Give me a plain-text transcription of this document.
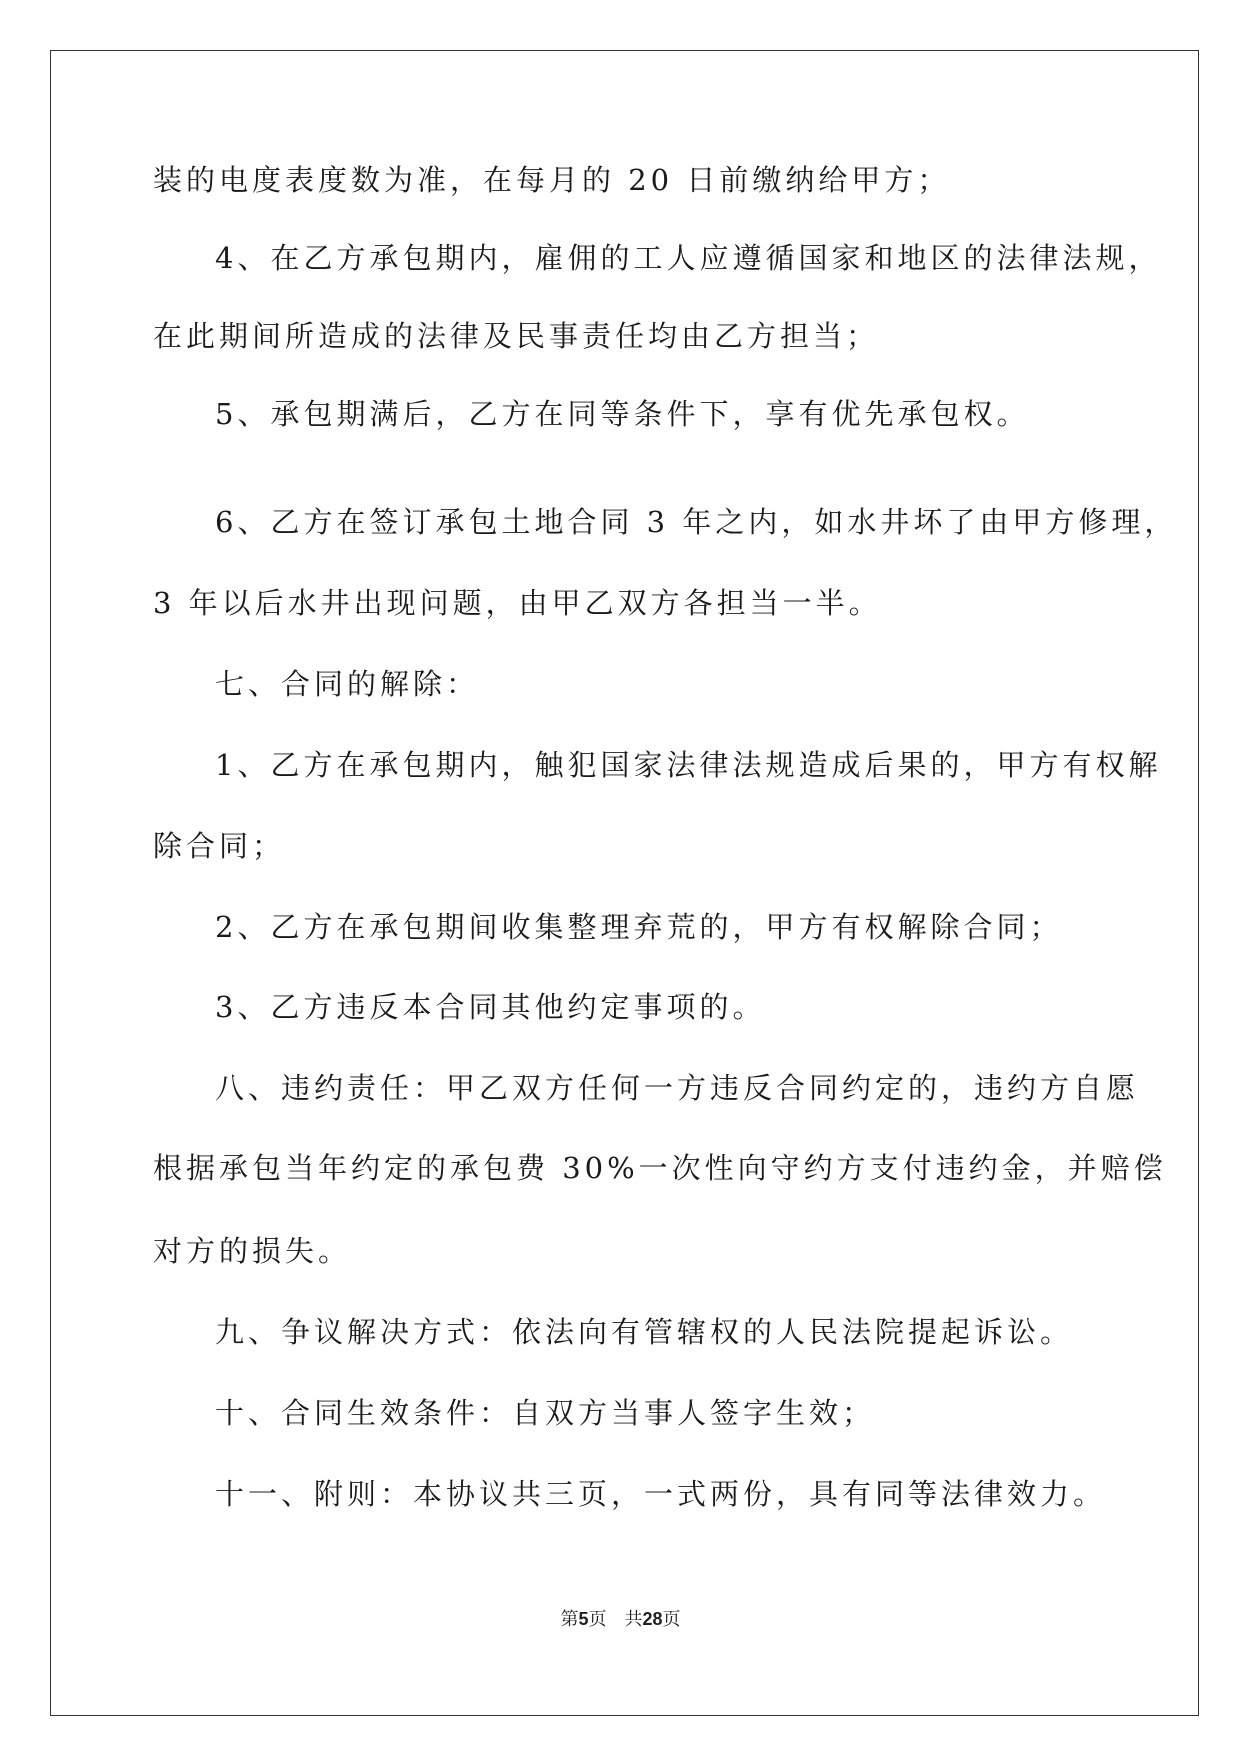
装的电度表度数为准，在每月的 20 日前缴纳给甲方；

4、在乙方承包期内，雇佣的工人应遵循国家和地区的法律法规，

在此期间所造成的法律及民事责任均由乙方担当；

5、承包期满后，乙方在同等条件下，享有优先承包权。

6、乙方在签订承包土地合同 3 年之内，如水井坏了由甲方修理，

3 年以后水井出现问题，由甲乙双方各担当一半。

七、合同的解除：

1、乙方在承包期内，触犯国家法律法规造成后果的，甲方有权解

除合同；

2、乙方在承包期间收集整理弃荒的，甲方有权解除合同；

3、乙方违反本合同其他约定事项的。

八、违约责任：甲乙双方任何一方违反合同约定的，违约方自愿

根据承包当年约定的承包费 30%一次性向守约方支付违约金，并赔偿

对方的损失。

九、争议解决方式：依法向有管辖权的人民法院提起诉讼。

十、合同生效条件：自双方当事人签字生效；

十一、附则：本协议共三页，一式两份，具有同等法律效力。

第5页 共28页
